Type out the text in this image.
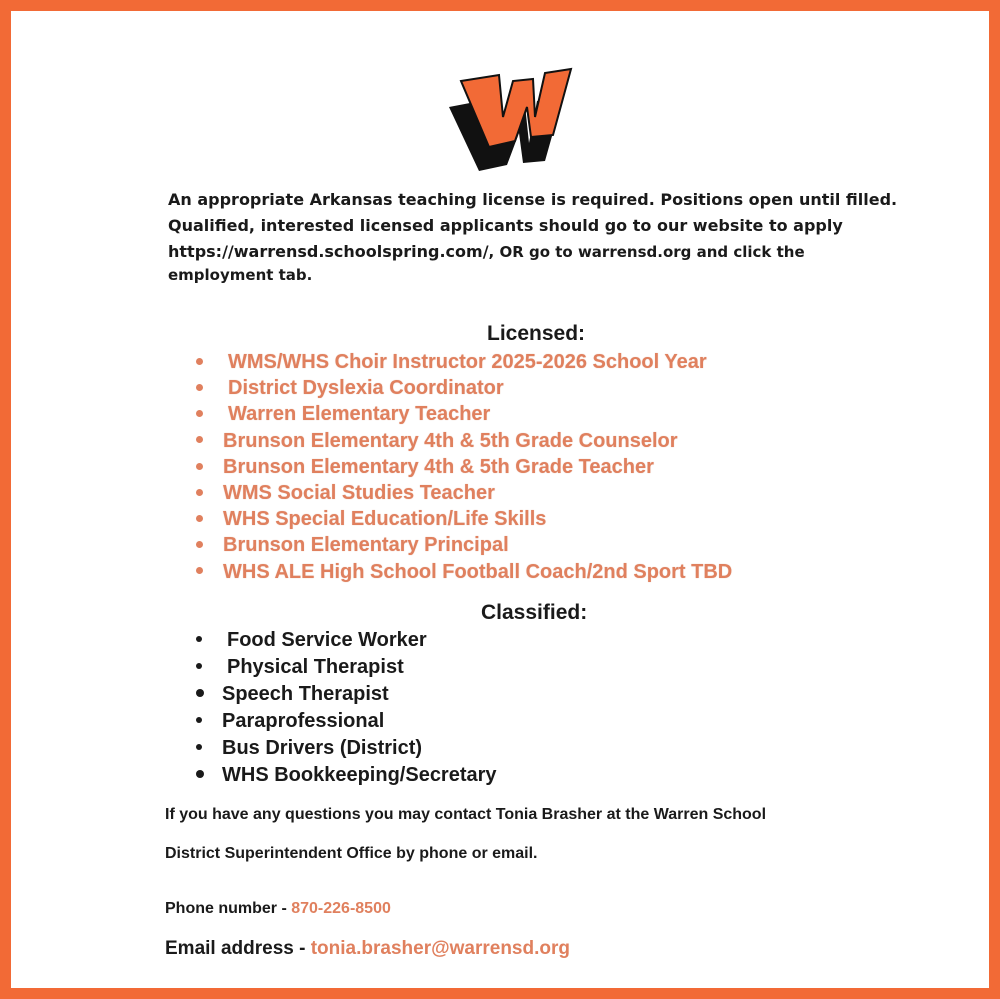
An appropriate Arkansas teaching license is required. Positions open until filled.
Qualified, interested licensed applicants should go to our website to apply
https://warrensd.schoolspring.com/, OR go to warrensd.org and click the
employment tab.
Licensed:
WMS/WHS Choir Instructor 2025-2026 School Year
District Dyslexia Coordinator
Warren Elementary Teacher
Brunson Elementary 4th & 5th Grade Counselor
Brunson Elementary 4th & 5th Grade Teacher
WMS Social Studies Teacher
WHS Special Education/Life Skills
Brunson Elementary Principal
WHS ALE High School Football Coach/2nd Sport TBD
Classified:
Food Service Worker
Physical Therapist
Speech Therapist
Paraprofessional
Bus Drivers (District)
WHS Bookkeeping/Secretary
If you have any questions you may contact Tonia Brasher at the Warren School
District Superintendent Office by phone or email.
Phone number - 870-226-8500
Email address - tonia.brasher@warrensd.org
